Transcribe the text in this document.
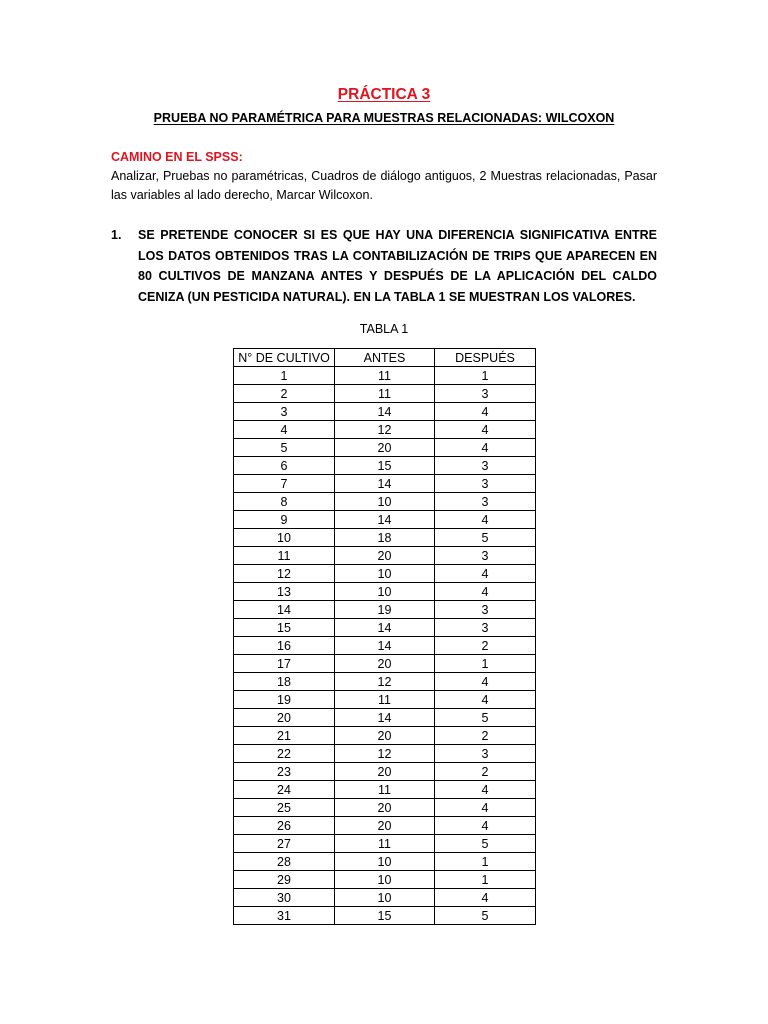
PRÁCTICA 3
PRUEBA NO PARAMÉTRICA PARA MUESTRAS RELACIONADAS: WILCOXON
CAMINO EN EL SPSS:
Analizar, Pruebas no paramétricas, Cuadros de diálogo antiguos, 2 Muestras relacionadas, Pasar las variables al lado derecho, Marcar Wilcoxon.
1. SE PRETENDE CONOCER SI ES QUE HAY UNA DIFERENCIA SIGNIFICATIVA ENTRE LOS DATOS OBTENIDOS TRAS LA CONTABILIZACIÓN DE TRIPS QUE APARECEN EN 80 CULTIVOS DE MANZANA ANTES Y DESPUÉS DE LA APLICACIÓN DEL CALDO CENIZA (UN PESTICIDA NATURAL). EN LA TABLA 1 SE MUESTRAN LOS VALORES.
TABLA 1
N° DE CULTIVO	ANTES	DESPUÉS
1	11	1
2	11	3
3	14	4
4	12	4
5	20	4
6	15	3
7	14	3
8	10	3
9	14	4
10	18	5
11	20	3
12	10	4
13	10	4
14	19	3
15	14	3
16	14	2
17	20	1
18	12	4
19	11	4
20	14	5
21	20	2
22	12	3
23	20	2
24	11	4
25	20	4
26	20	4
27	11	5
28	10	1
29	10	1
30	10	4
31	15	5
